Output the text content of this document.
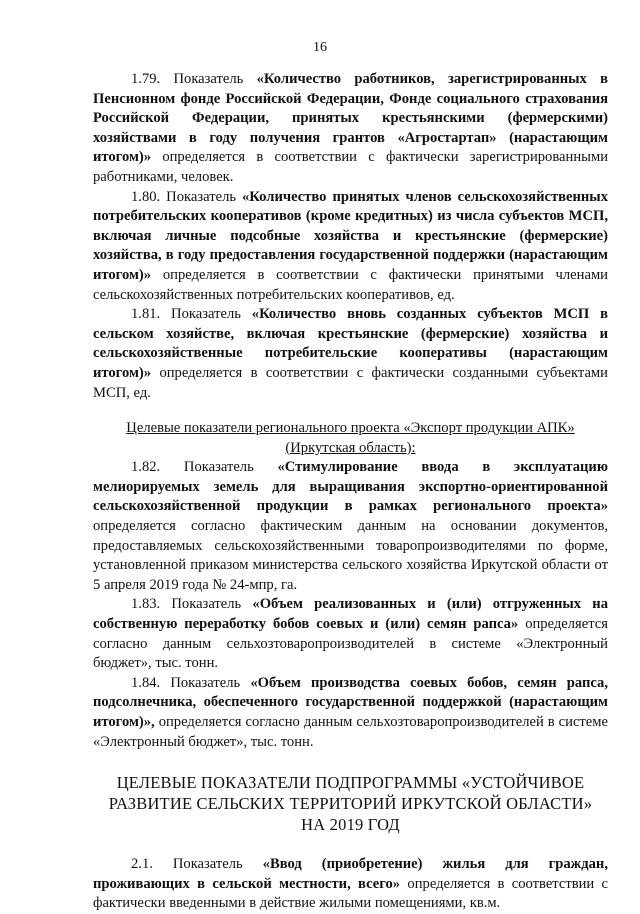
16

1.79. Показатель «Количество работников, зарегистрированных в Пенсионном фонде Российской Федерации, Фонде социального страхования Российской Федерации, принятых крестьянскими (фермерскими) хозяйствами в году получения грантов «Агростартап» (нарастающим итогом)» определяется в соответствии с фактически зарегистрированными работниками, человек.

1.80. Показатель «Количество принятых членов сельскохозяйственных потребительских кооперативов (кроме кредитных) из числа субъектов МСП, включая личные подсобные хозяйства и крестьянские (фермерские) хозяйства, в году предоставления государственной поддержки (нарастающим итогом)» определяется в соответствии с фактически принятыми членами сельскохозяйственных потребительских кооперативов, ед.

1.81. Показатель «Количество вновь созданных субъектов МСП в сельском хозяйстве, включая крестьянские (фермерские) хозяйства и сельскохозяйственные потребительские кооперативы (нарастающим итогом)» определяется в соответствии с фактически созданными субъектами МСП, ед.

Целевые показатели регионального проекта «Экспорт продукции АПК»
(Иркутская область):

1.82. Показатель «Стимулирование ввода в эксплуатацию мелиорируемых земель для выращивания экспортно-ориентированной сельскохозяйственной продукции в рамках регионального проекта» определяется согласно фактическим данным на основании документов, предоставляемых сельскохозяйственными товаропроизводителями по форме, установленной приказом министерства сельского хозяйства Иркутской области от 5 апреля 2019 года № 24-мпр, га.

1.83. Показатель «Объем реализованных и (или) отгруженных на собственную переработку бобов соевых и (или) семян рапса» определяется согласно данным сельхозтоваропроизводителей в системе «Электронный бюджет», тыс. тонн.

1.84. Показатель «Объем производства соевых бобов, семян рапса, подсолнечника, обеспеченного государственной поддержкой (нарастающим итогом)», определяется согласно данным сельхозтоваропроизводителей в системе «Электронный бюджет», тыс. тонн.

ЦЕЛЕВЫЕ ПОКАЗАТЕЛИ ПОДПРОГРАММЫ «УСТОЙЧИВОЕ
РАЗВИТИЕ СЕЛЬСКИХ ТЕРРИТОРИЙ ИРКУТСКОЙ ОБЛАСТИ»
НА 2019 ГОД

2.1. Показатель «Ввод (приобретение) жилья для граждан, проживающих в сельской местности, всего» определяется в соответствии с фактически введенными в действие жилыми помещениями, кв.м.
